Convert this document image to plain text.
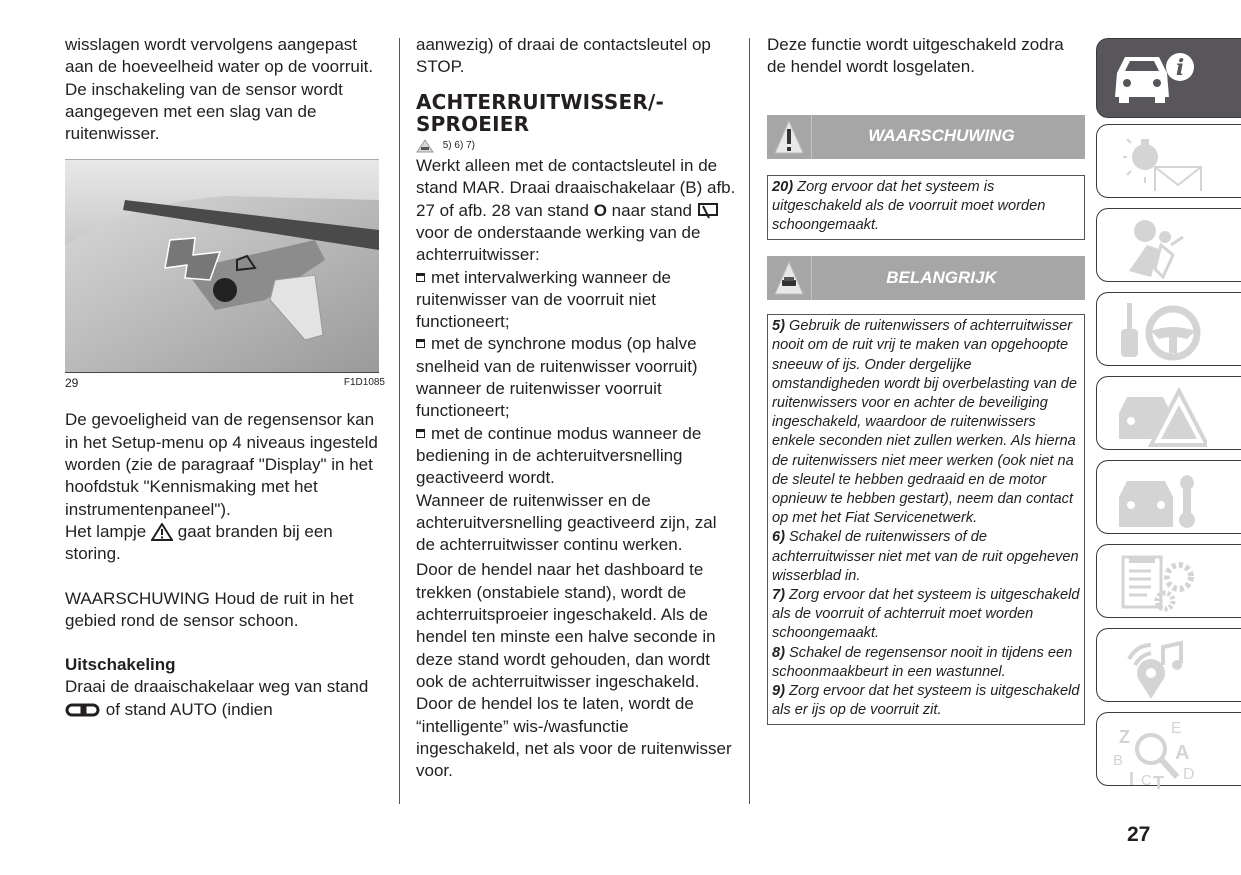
wisslagen wordt vervolgens aangepast aan de hoeveelheid water op de voorruit.

De inschakeling van de sensor wordt aangegeven met een slag van de ruitenwisser.

29	F1D1085

De gevoeligheid van de regensensor kan in het Setup-menu op 4 niveaus ingesteld worden (zie de paragraaf "Display" in het hoofdstuk "Kennismaking met het instrumentenpaneel").

Het lampje gaat branden bij een storing.

WAARSCHUWING Houd de ruit in het gebied rond de sensor schoon.

Uitschakeling

Draai de draaischakelaar weg van stand  of stand AUTO (indien

aanwezig) of draai de contactsleutel op STOP.

ACHTERRUITWISSER/-
SPROEIER

5) 6) 7)

Werkt alleen met de contactsleutel in de stand MAR. Draai draaischakelaar (B) afb. 27 of afb. 28 van stand O naar stand  voor de onderstaande werking van de achterruitwisser:

met intervalwerking wanneer de ruitenwisser van de voorruit niet functioneert;

met de synchrone modus (op halve snelheid van de ruitenwisser voorruit) wanneer de ruitenwisser voorruit functioneert;

met de continue modus wanneer de bediening in de achteruitversnelling geactiveerd wordt.

Wanneer de ruitenwisser en de achteruitversnelling geactiveerd zijn, zal de achterruitwisser continu werken.

Door de hendel naar het dashboard te trekken (onstabiele stand), wordt de achterruitsproeier ingeschakeld. Als de hendel ten minste een halve seconde in deze stand wordt gehouden, dan wordt ook de achterruitwisser ingeschakeld. Door de hendel los te laten, wordt de “intelligente” wis-/wasfunctie ingeschakeld, net als voor de ruitenwisser voor.

Deze functie wordt uitgeschakeld zodra de hendel wordt losgelaten.

WAARSCHUWING

20) Zorg ervoor dat het systeem is uitgeschakeld als de voorruit moet worden schoongemaakt.

BELANGRIJK

5) Gebruik de ruitenwissers of achterruitwisser nooit om de ruit vrij te maken van opgehoopte sneeuw of ijs. Onder dergelijke omstandigheden wordt bij overbelasting van de ruitenwissers voor en achter de beveiliging ingeschakeld, waardoor de ruitenwissers enkele seconden niet zullen werken. Als hierna de ruitenwissers niet meer werken (ook niet na de sleutel te hebben gedraaid en de motor opnieuw te hebben gestart), neem dan contact op met het Fiat Servicenetwerk.

6) Schakel de ruitenwissers of de achterruitwisser niet met van de ruit opgeheven wisserblad in.

7) Zorg ervoor dat het systeem is uitgeschakeld als de voorruit of achterruit moet worden schoongemaakt.

8) Schakel de regensensor nooit in tijdens een schoonmaakbeurt in een wastunnel.

9) Zorg ervoor dat het systeem is uitgeschakeld als er ijs op de voorruit zit.

i
Z	E
B	A
I C T D
27
